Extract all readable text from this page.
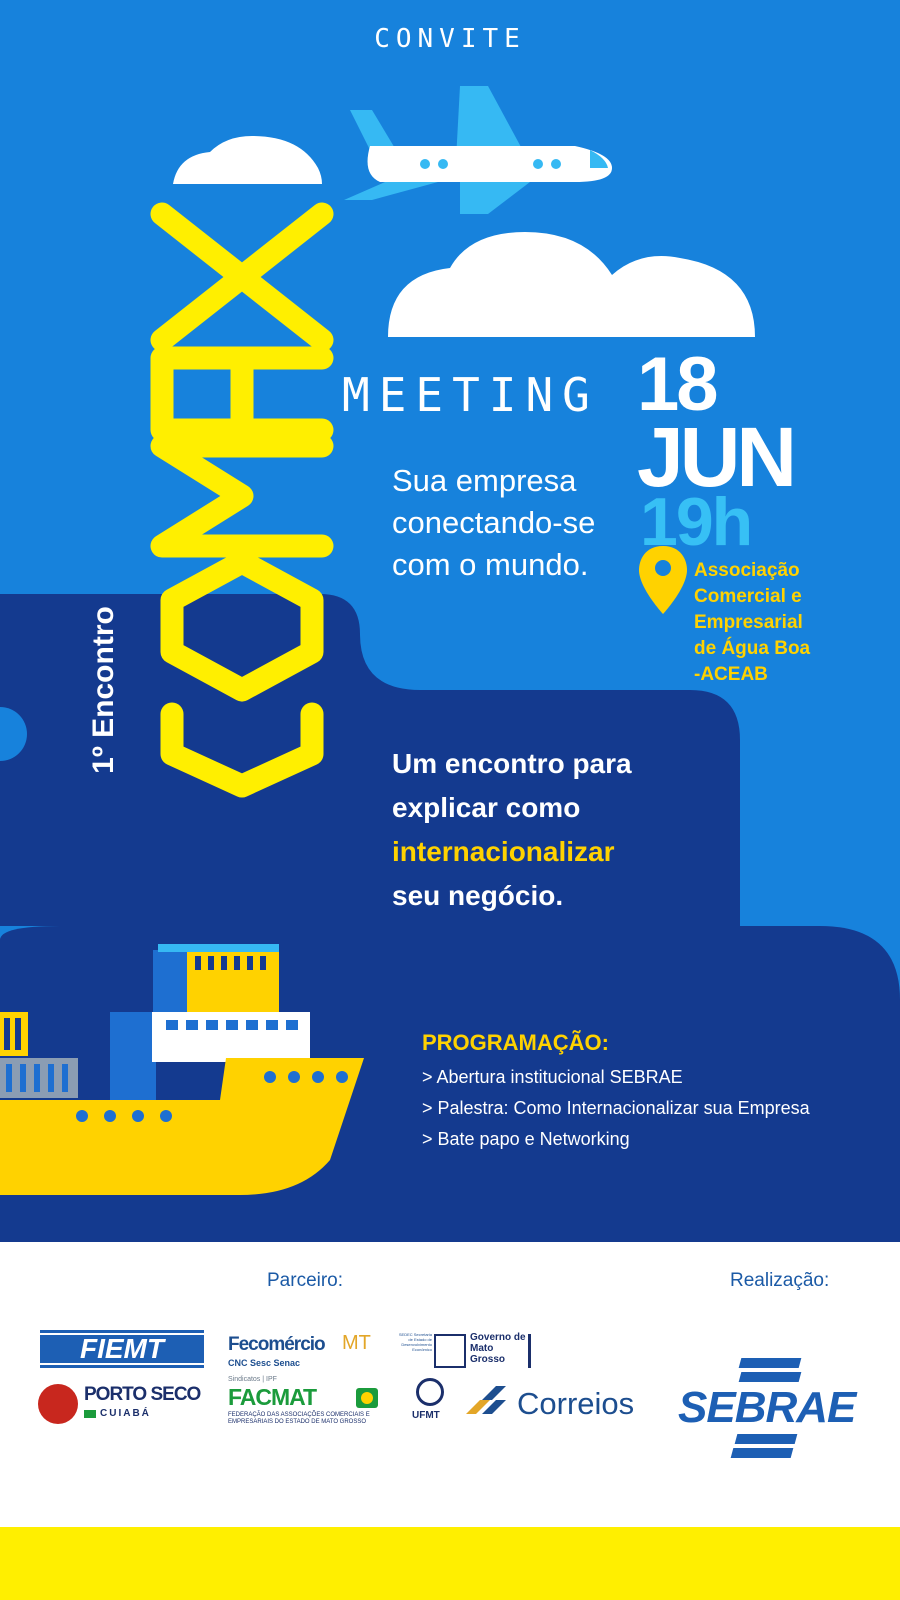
CONVITE
MEETING
Sua empresa
conectando-se
com o mundo.
18
JUN
19h
Associação
Comercial e
Empresarial
de Água Boa
-ACEAB
1º Encontro	Um encontro para
explicar como
internacionalizar
seu negócio.
PROGRAMAÇÃO:
> Abertura institucional SEBRAE
> Palestra: Como Internacionalizar sua Empresa
> Bate papo e Networking
Parceiro:	Realização:
FIEMT
PORTO SECO
CUIABÁ
Fecomércio MT
CNC Sesc Senac
SEDEC Secretaria de Estado de Desenvolvimento Econômico
Governo de
Mato
Grosso
Sindicatos | IPF
FACMAT
FEDERAÇÃO DAS ASSOCIAÇÕES COMERCIAIS E
EMPRESARIAIS DO ESTADO DE MATO GROSSO
UFMT Correios SEBRAE
